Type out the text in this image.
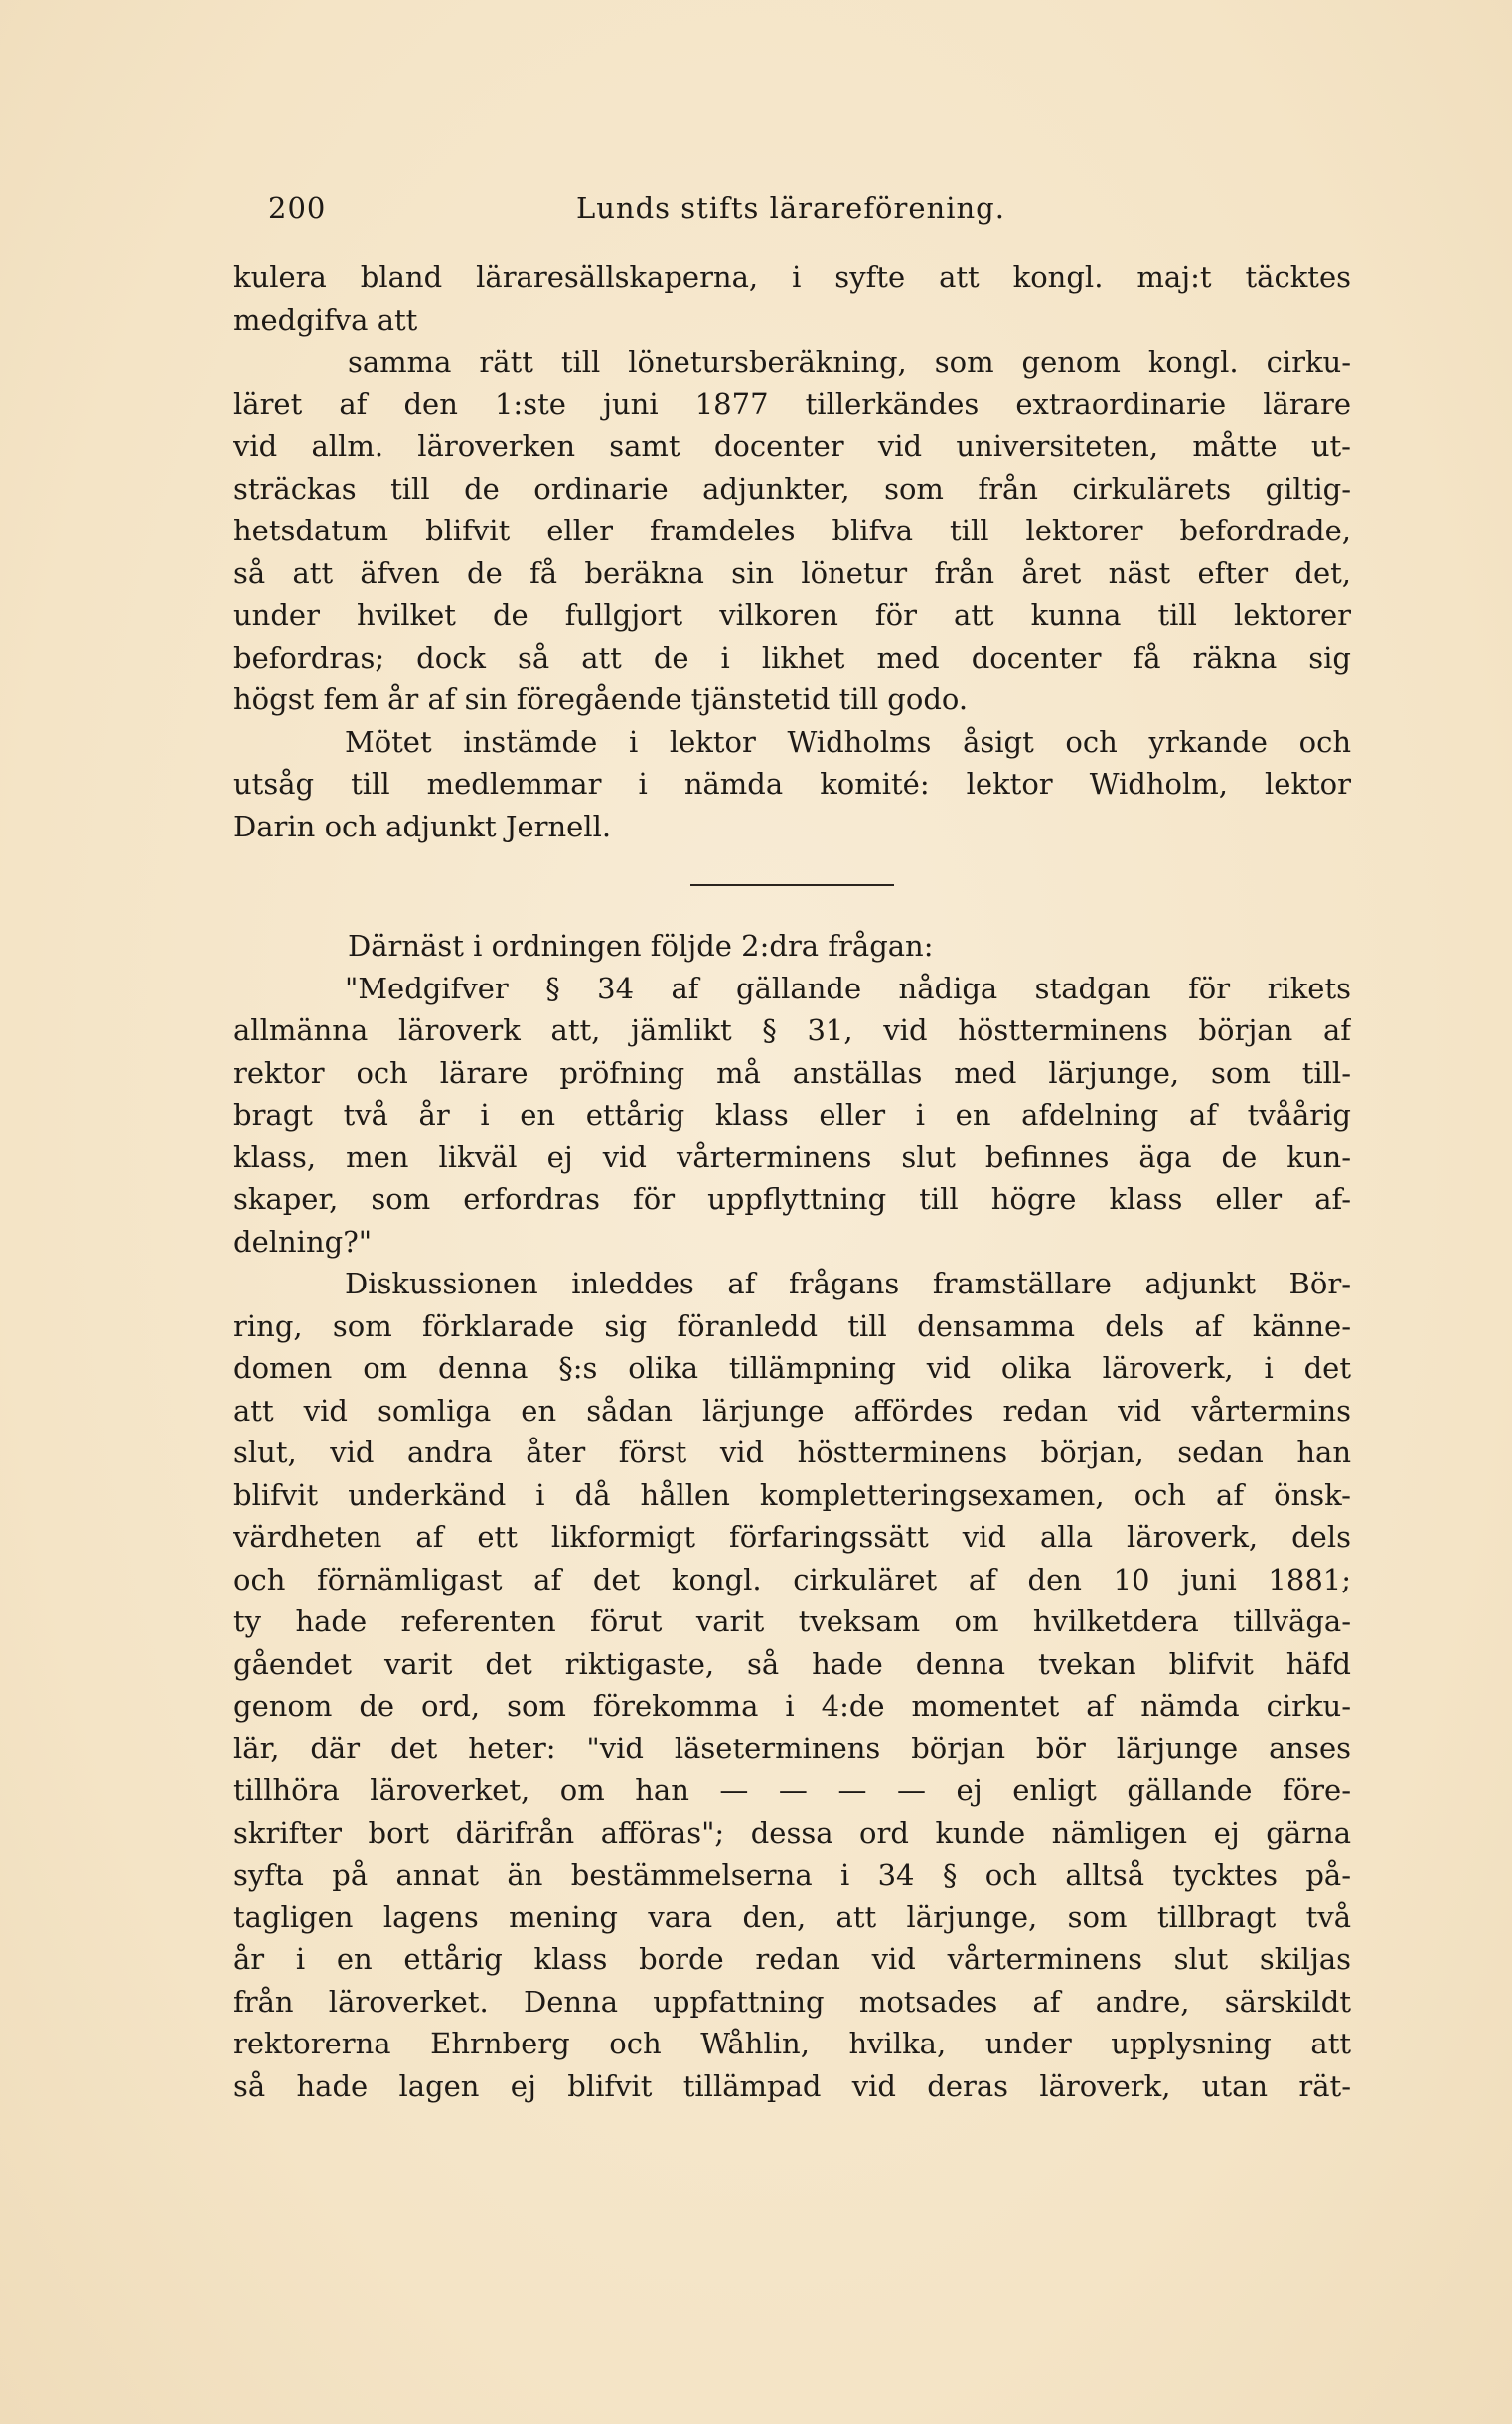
200	Lunds stifts lärareförening.
kulera bland läraresällskaperna, i syfte att kongl. maj:t täcktes
medgifva att
samma rätt till lönetursberäkning, som genom kongl. cirku-
läret af den 1:ste juni 1877 tillerkändes extraordinarie lärare
vid allm. läroverken samt docenter vid universiteten, måtte ut-
sträckas till de ordinarie adjunkter, som från cirkulärets giltig-
hetsdatum blifvit eller framdeles blifva till lektorer befordrade,
så att äfven de få beräkna sin lönetur från året näst efter det,
under hvilket de fullgjort vilkoren för att kunna till lektorer
befordras; dock så att de i likhet med docenter få räkna sig
högst fem år af sin föregående tjänstetid till godo.
Mötet instämde i lektor Widholms åsigt och yrkande och
utsåg till medlemmar i nämda komité: lektor Widholm, lektor
Darin och adjunkt Jernell.
Därnäst i ordningen följde 2:dra frågan:
"Medgifver § 34 af gällande nådiga stadgan för rikets
allmänna läroverk att, jämlikt § 31, vid höstterminens början af
rektor och lärare pröfning må anställas med lärjunge, som till-
bragt två år i en ettårig klass eller i en afdelning af tvåårig
klass, men likväl ej vid vårterminens slut befinnes äga de kun-
skaper, som erfordras för uppflyttning till högre klass eller af-
delning?"
Diskussionen inleddes af frågans framställare adjunkt Bör-
ring, som förklarade sig föranledd till densamma dels af känne-
domen om denna §:s olika tillämpning vid olika läroverk, i det
att vid somliga en sådan lärjunge affördes redan vid vårtermins
slut, vid andra åter först vid höstterminens början, sedan han
blifvit underkänd i då hållen kompletteringsexamen, och af önsk-
värdheten af ett likformigt förfaringssätt vid alla läroverk, dels
och förnämligast af det kongl. cirkuläret af den 10 juni 1881;
ty hade referenten förut varit tveksam om hvilketdera tillväga-
gåendet varit det riktigaste, så hade denna tvekan blifvit häfd
genom de ord, som förekomma i 4:de momentet af nämda cirku-
lär, där det heter: "vid läseterminens början bör lärjunge anses
tillhöra läroverket, om han — — — — ej enligt gällande före-
skrifter bort därifrån afföras"; dessa ord kunde nämligen ej gärna
syfta på annat än bestämmelserna i 34 § och alltså tycktes på-
tagligen lagens mening vara den, att lärjunge, som tillbragt två
år i en ettårig klass borde redan vid vårterminens slut skiljas
från läroverket. Denna uppfattning motsades af andre, särskildt
rektorerna Ehrnberg och Wåhlin, hvilka, under upplysning att
så hade lagen ej blifvit tillämpad vid deras läroverk, utan rät-
